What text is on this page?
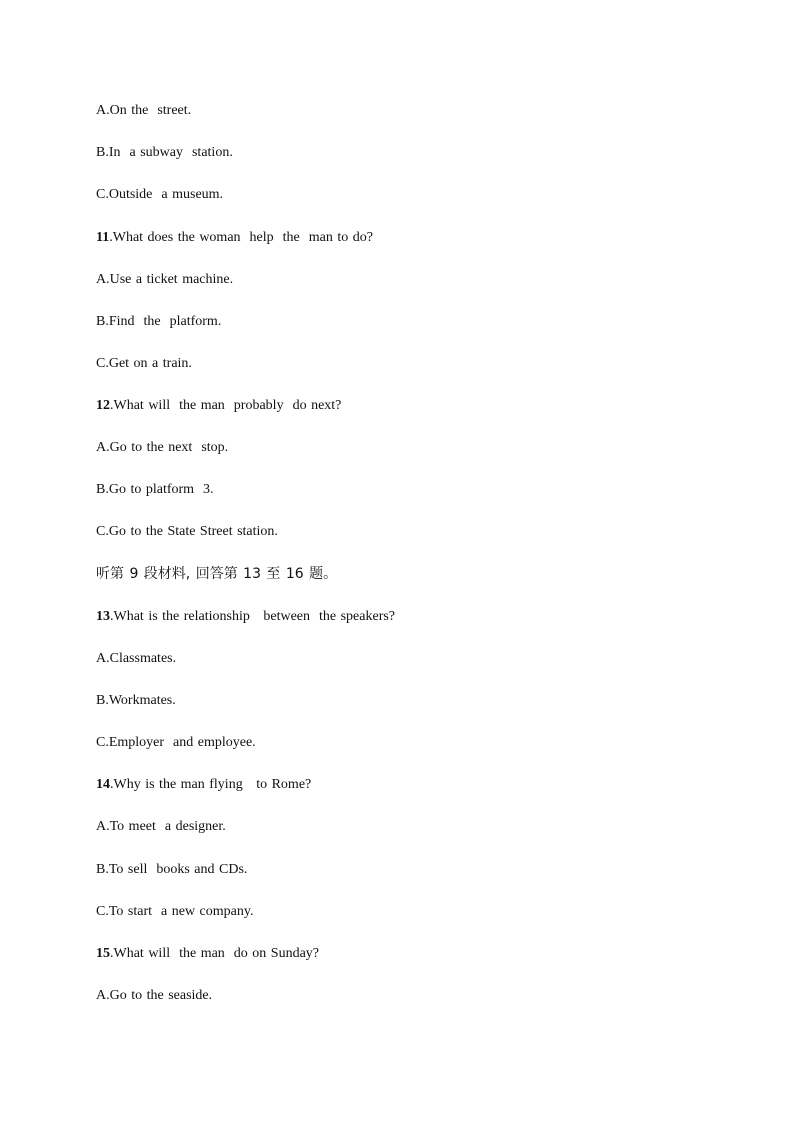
A.On the  street.
B.In  a subway  station.
C.Outside  a museum.
11.What does the woman  help  the  man to do?
A.Use a ticket machine.
B.Find  the  platform.
C.Get on a train.
12.What will  the man  probably  do next?
A.Go to the next  stop.
B.Go to platform  3.
C.Go to the State Street station.
听第 9 段材料, 回答第 13 至 16 题。
13.What is the relationship   between  the speakers?
A.Classmates.
B.Workmates.
C.Employer  and employee.
14.Why is the man flying   to Rome?
A.To meet  a designer.
B.To sell  books and CDs.
C.To start  a new company.
15.What will  the man  do on Sunday?
A.Go to the seaside.
